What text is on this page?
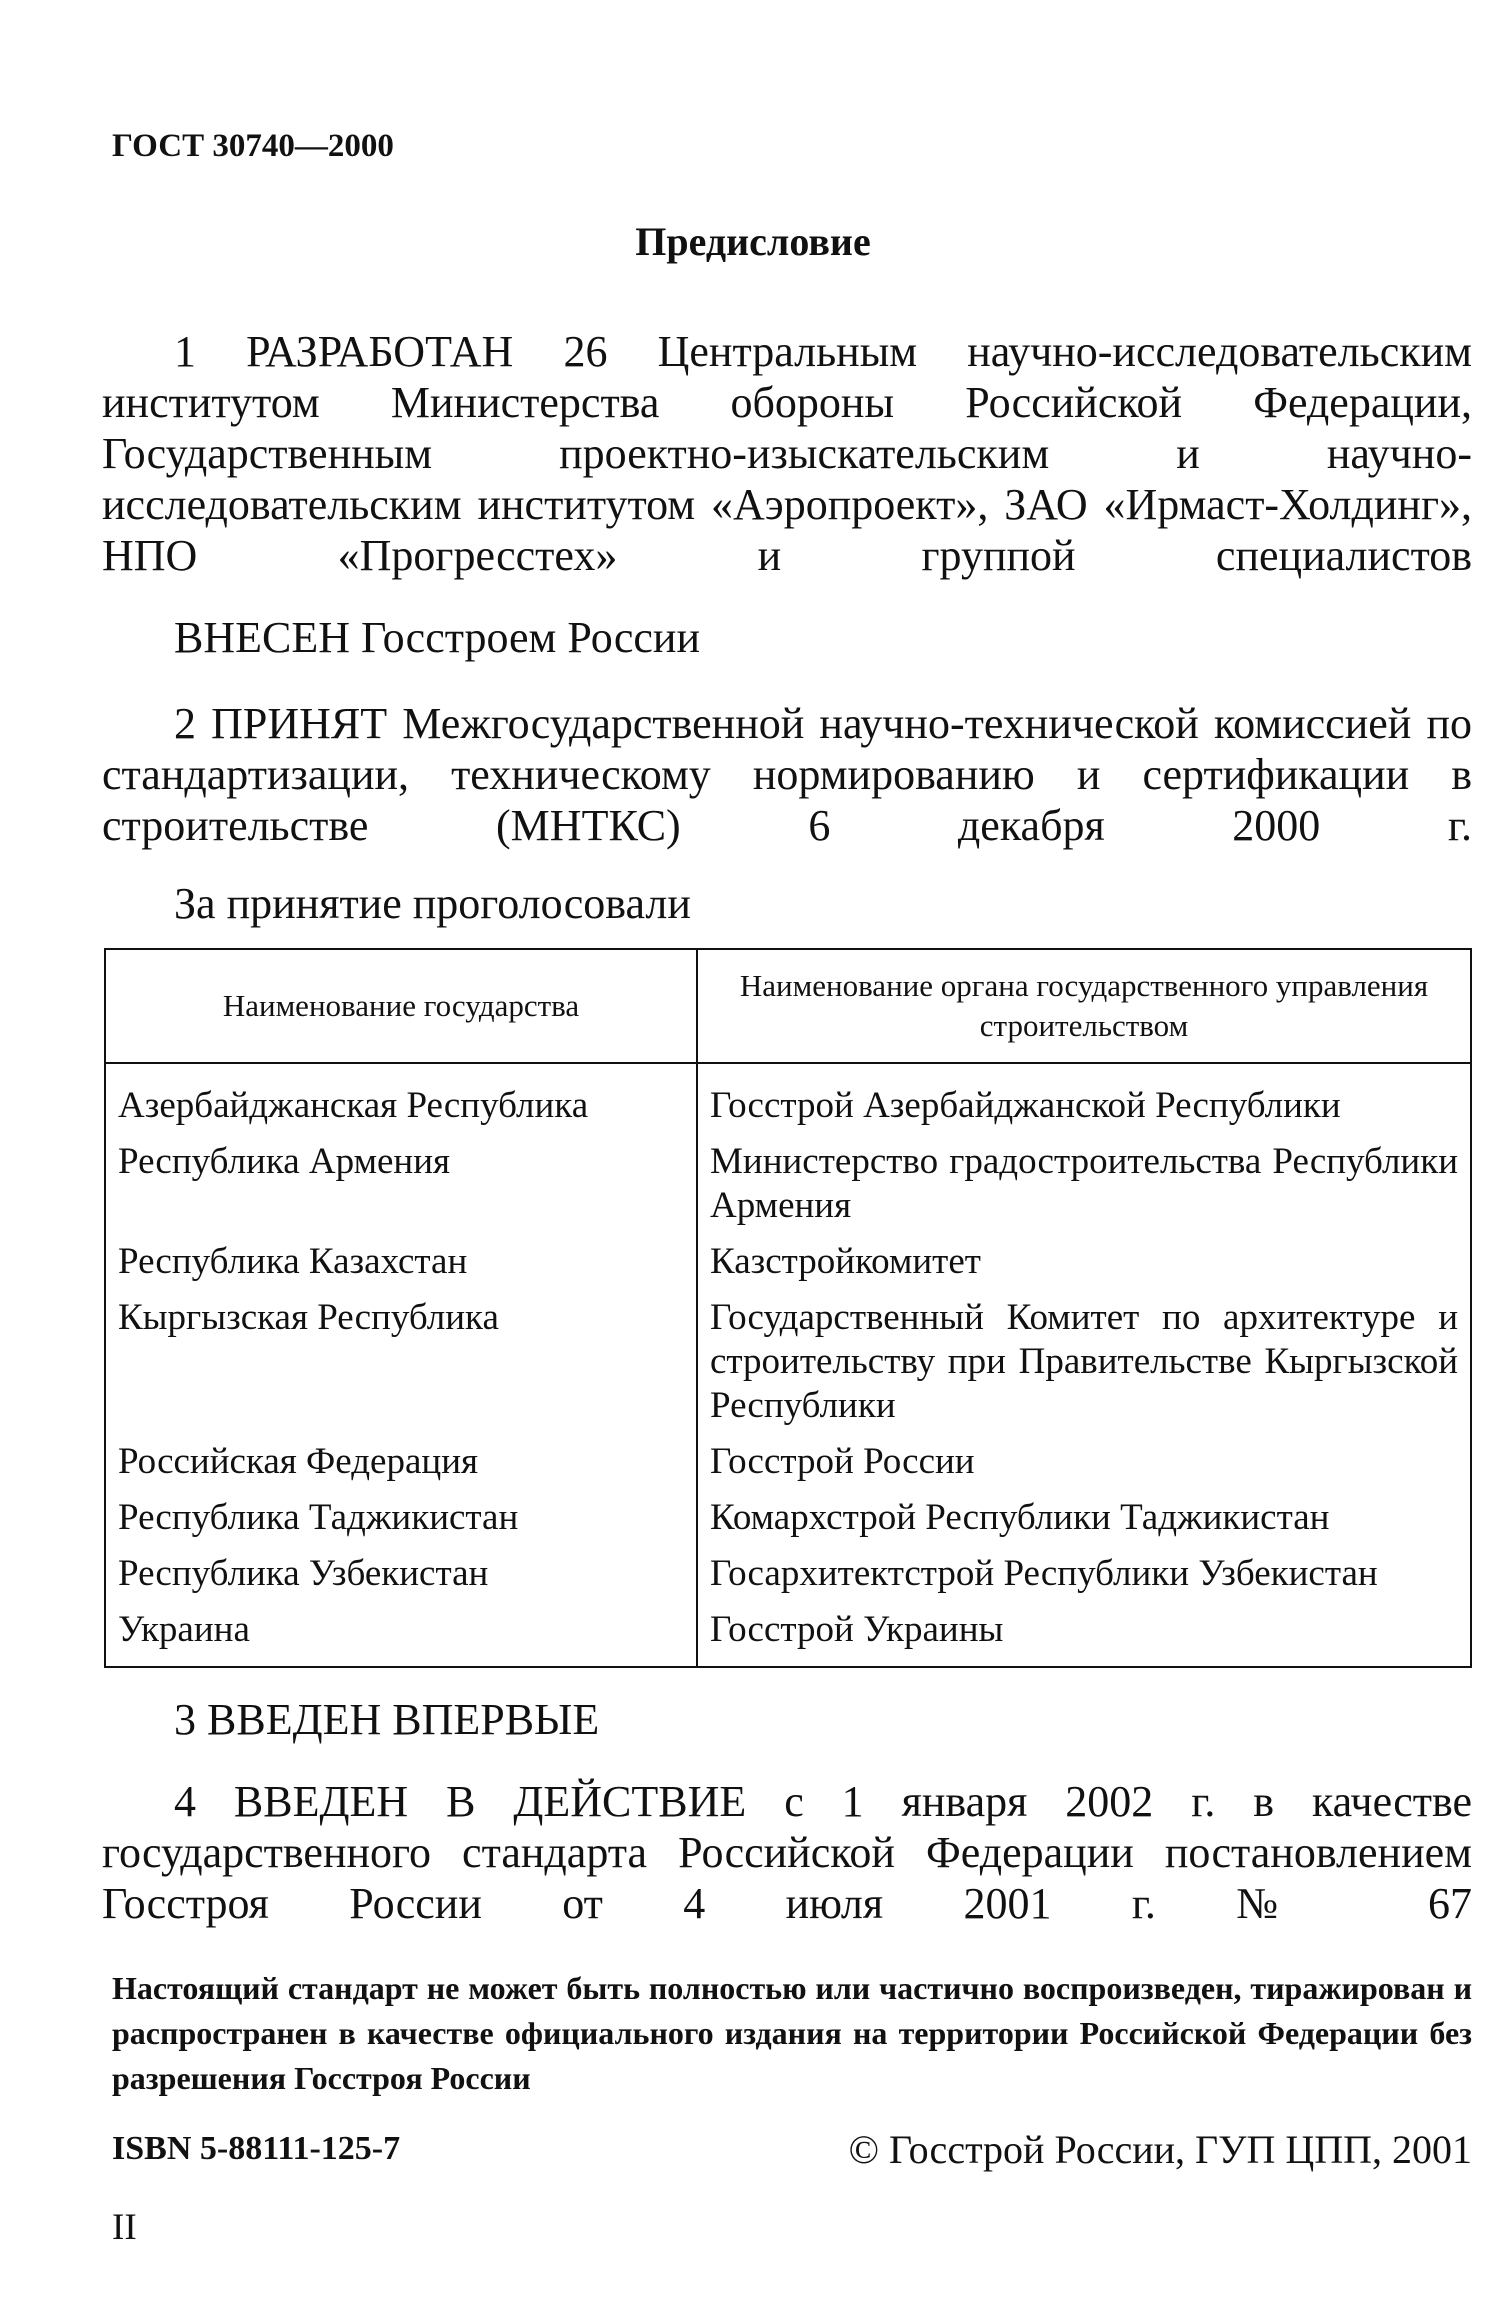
ГОСТ 30740—2000
Предисловие
1 РАЗРАБОТАН 26 Центральным научно-исследовательским институтом Министерства обороны Российской Федерации, Государственным проектно-изыскательским и научно-исследовательским институтом «Аэропроект», ЗАО «Ирмаст-Холдинг», НПО «Прогресстех» и группой специалистов
ВНЕСЕН Госстроем России
2 ПРИНЯТ Межгосударственной научно-технической комиссией по стандартизации, техническому нормированию и сертификации в строительстве (МНТКС) 6 декабря 2000 г.
За принятие проголосовали
Наименование государства	Наименование органа государственного управления строительством
Азербайджанская Республика	Госстрой Азербайджанской Республики
Республика Армения	Министерство градостроительства Республики Армения
Республика Казахстан	Казстройкомитет
Кыргызская Республика	Государственный Комитет по архитектуре и строительству при Правительстве Кыргызской Республики
Российская Федерация	Госстрой России
Республика Таджикистан	Комархстрой Республики Таджикистан
Республика Узбекистан	Госархитектстрой Республики Узбекистан
Украина	Госстрой Украины
3 ВВЕДЕН ВПЕРВЫЕ
4 ВВЕДЕН В ДЕЙСТВИЕ с 1 января 2002 г. в качестве государственного стандарта Российской Федерации постановлением Госстроя России от 4 июля 2001 г. № 67
Настоящий стандарт не может быть полностью или частично воспроизведен, тиражирован и распространен в качестве официального издания на территории Российской Федерации без разрешения Госстроя России
ISBN 5-88111-125-7	© Госстрой России, ГУП ЦПП, 2001
II
